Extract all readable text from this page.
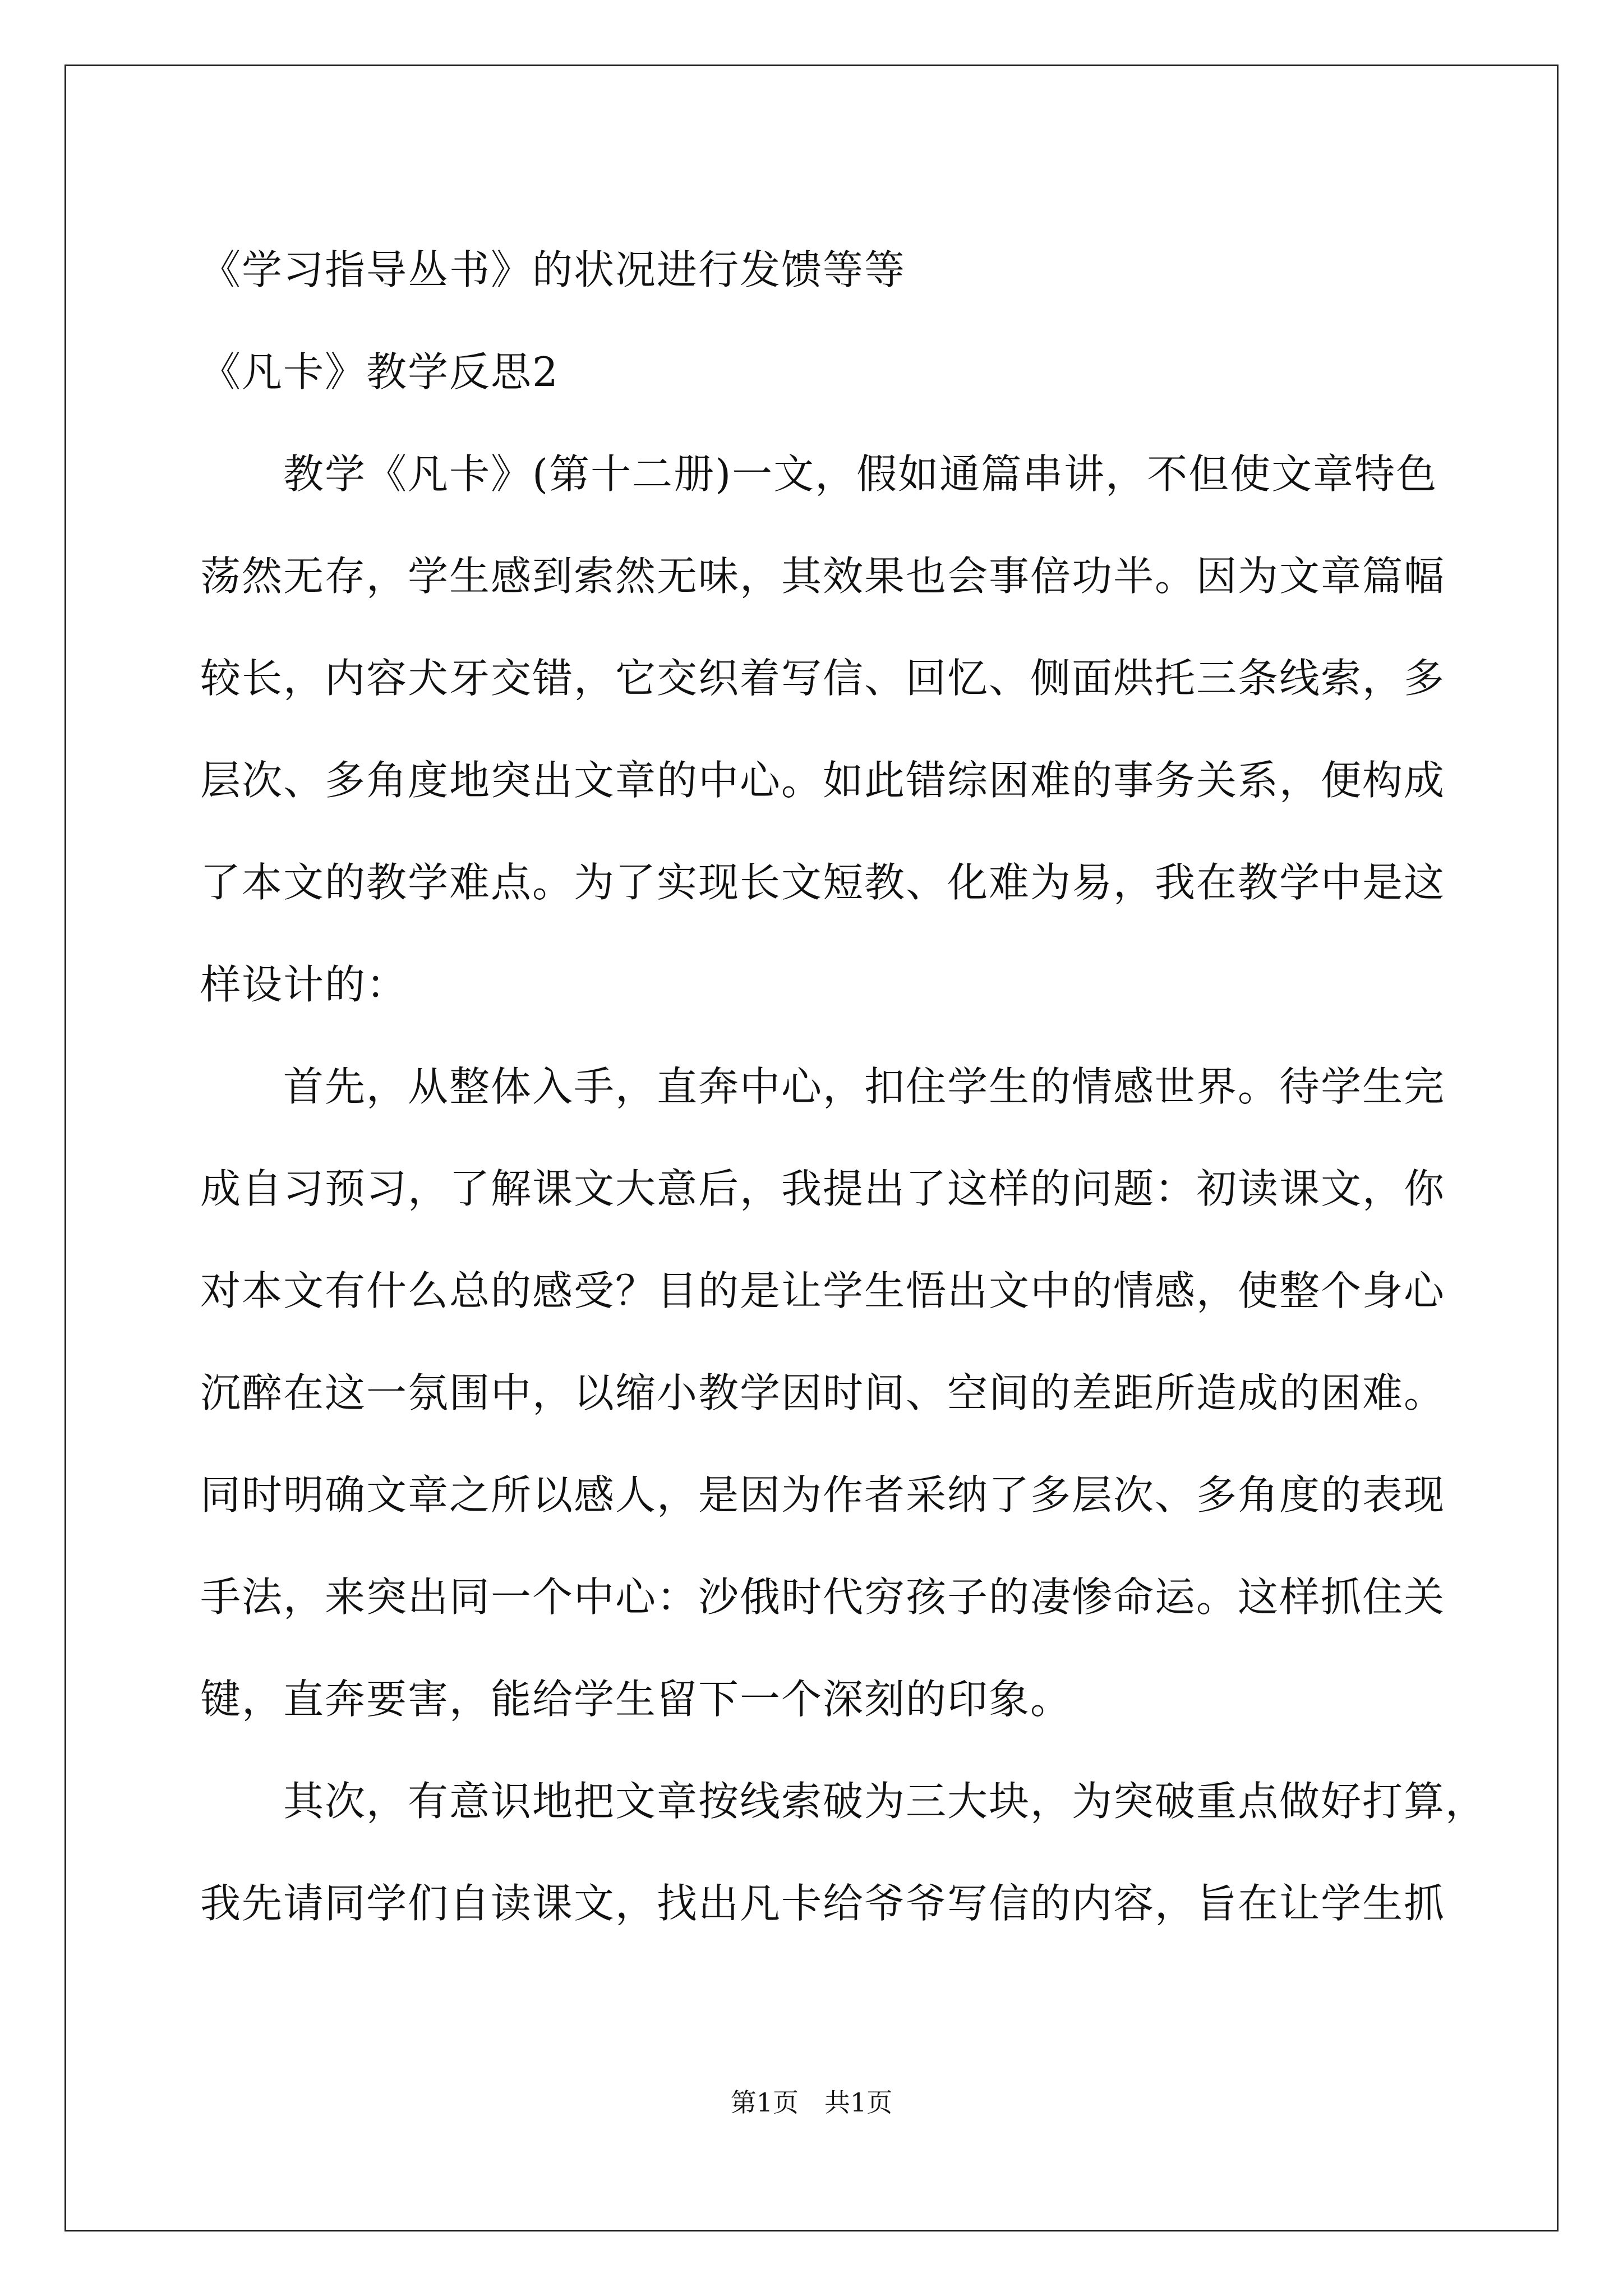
《学习指导丛书》的状况进行发馈等等
《凡卡》教学反思2
　　教学《凡卡》(第十二册)一文，假如通篇串讲，不但使文章特色
荡然无存，学生感到索然无味，其效果也会事倍功半。因为文章篇幅
较长，内容犬牙交错，它交织着写信、回忆、侧面烘托三条线索，多
层次、多角度地突出文章的中心。如此错综困难的事务关系，便构成
了本文的教学难点。为了实现长文短教、化难为易，我在教学中是这
样设计的：
　　首先，从整体入手，直奔中心，扣住学生的情感世界。待学生完
成自习预习，了解课文大意后，我提出了这样的问题：初读课文，你
对本文有什么总的感受？目的是让学生悟出文中的情感，使整个身心
沉醉在这一氛围中，以缩小教学因时间、空间的差距所造成的困难。
同时明确文章之所以感人，是因为作者采纳了多层次、多角度的表现
手法，来突出同一个中心：沙俄时代穷孩子的凄惨命运。这样抓住关
键，直奔要害，能给学生留下一个深刻的印象。
　　其次，有意识地把文章按线索破为三大块，为突破重点做好打算，
我先请同学们自读课文，找出凡卡给爷爷写信的内容，旨在让学生抓
第1页　共1页
